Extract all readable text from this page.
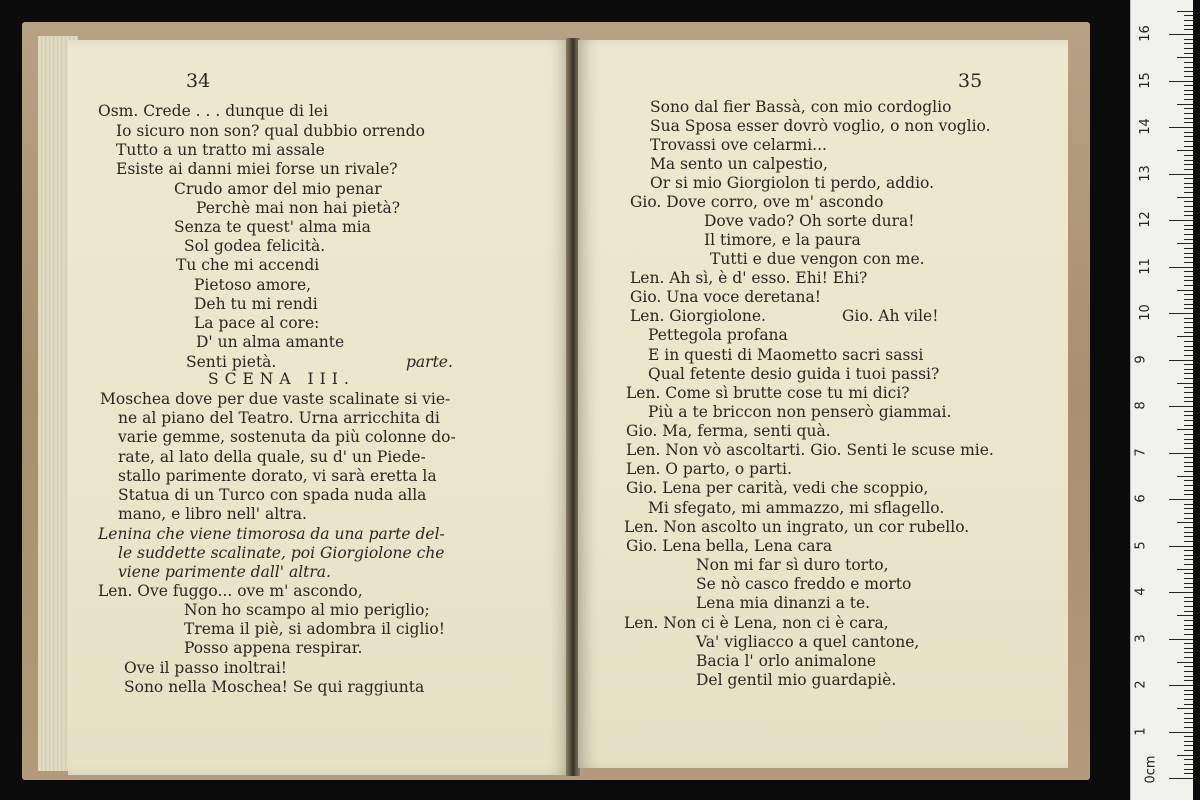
34
Osm. Crede . . . dunque di lei
Io sicuro non son? qual dubbio orrendo
Tutto a un tratto mi assale
Esiste ai danni miei forse un rivale?
Crudo amor del mio penar
Perchè mai non hai pietà?
Senza te quest' alma mia
Sol godea felicità.
Tu che mi accendi
Pietoso amore,
Deh tu mi rendi
La pace al core:
D' un alma amante
Senti pietà.	parte.
SCENA III.
Moschea dove per due vaste scalinate si vie-
ne al piano del Teatro. Urna arricchita di
varie gemme, sostenuta da più colonne do-
rate, al lato della quale, su d' un Piede-
stallo parimente dorato, vi sarà eretta la
Statua di un Turco con spada nuda alla
mano, e libro nell' altra.
Lenina che viene timorosa da una parte del-
le suddette scalinate, poi Giorgiolone che
viene parimente dall' altra.
Len. Ove fuggo... ove m' ascondo,
Non ho scampo al mio periglio;
Trema il piè, si adombra il ciglio!
Posso appena respirar.
Ove il passo inoltrai!
Sono nella Moschea! Se qui raggiunta
35
Sono dal fier Bassà, con mio cordoglio
Sua Sposa esser dovrò voglio, o non voglio.
Trovassi ove celarmi...
Ma sento un calpestio,
Or si mio Giorgiolon ti perdo, addio.
Gio. Dove corro, ove m' ascondo
Dove vado? Oh sorte dura!
Il timore, e la paura
Tutti e due vengon con me.
Len. Ah sì, è d' esso. Ehi! Ehi?
Gio. Una voce deretana!
Len. Giorgiolone.	Gio. Ah vile!
Pettegola profana
E in questi di Maometto sacri sassi
Qual fetente desio guida i tuoi passi?
Len. Come sì brutte cose tu mi dici?
Più a te briccon non penserò giammai.
Gio. Ma, ferma, senti quà.
Len. Non vò ascoltarti. Gio. Senti le scuse mie.
Len. O parto, o parti.
Gio. Lena per carità, vedi che scoppio,
Mi sfegato, mi ammazzo, mi sflagello.
Len. Non ascolto un ingrato, un cor rubello.
Gio. Lena bella, Lena cara
Non mi far sì duro torto,
Se nò casco freddo e morto
Lena mia dinanzi a te.
Len. Non ci è Lena, non ci è cara,
Va' vigliacco a quel cantone,
Bacia l' orlo animalone
Del gentil mio guardapiè.
0cm
1
2
3
4
5
6
7
8
9
10
11
12
13
14
15
16
